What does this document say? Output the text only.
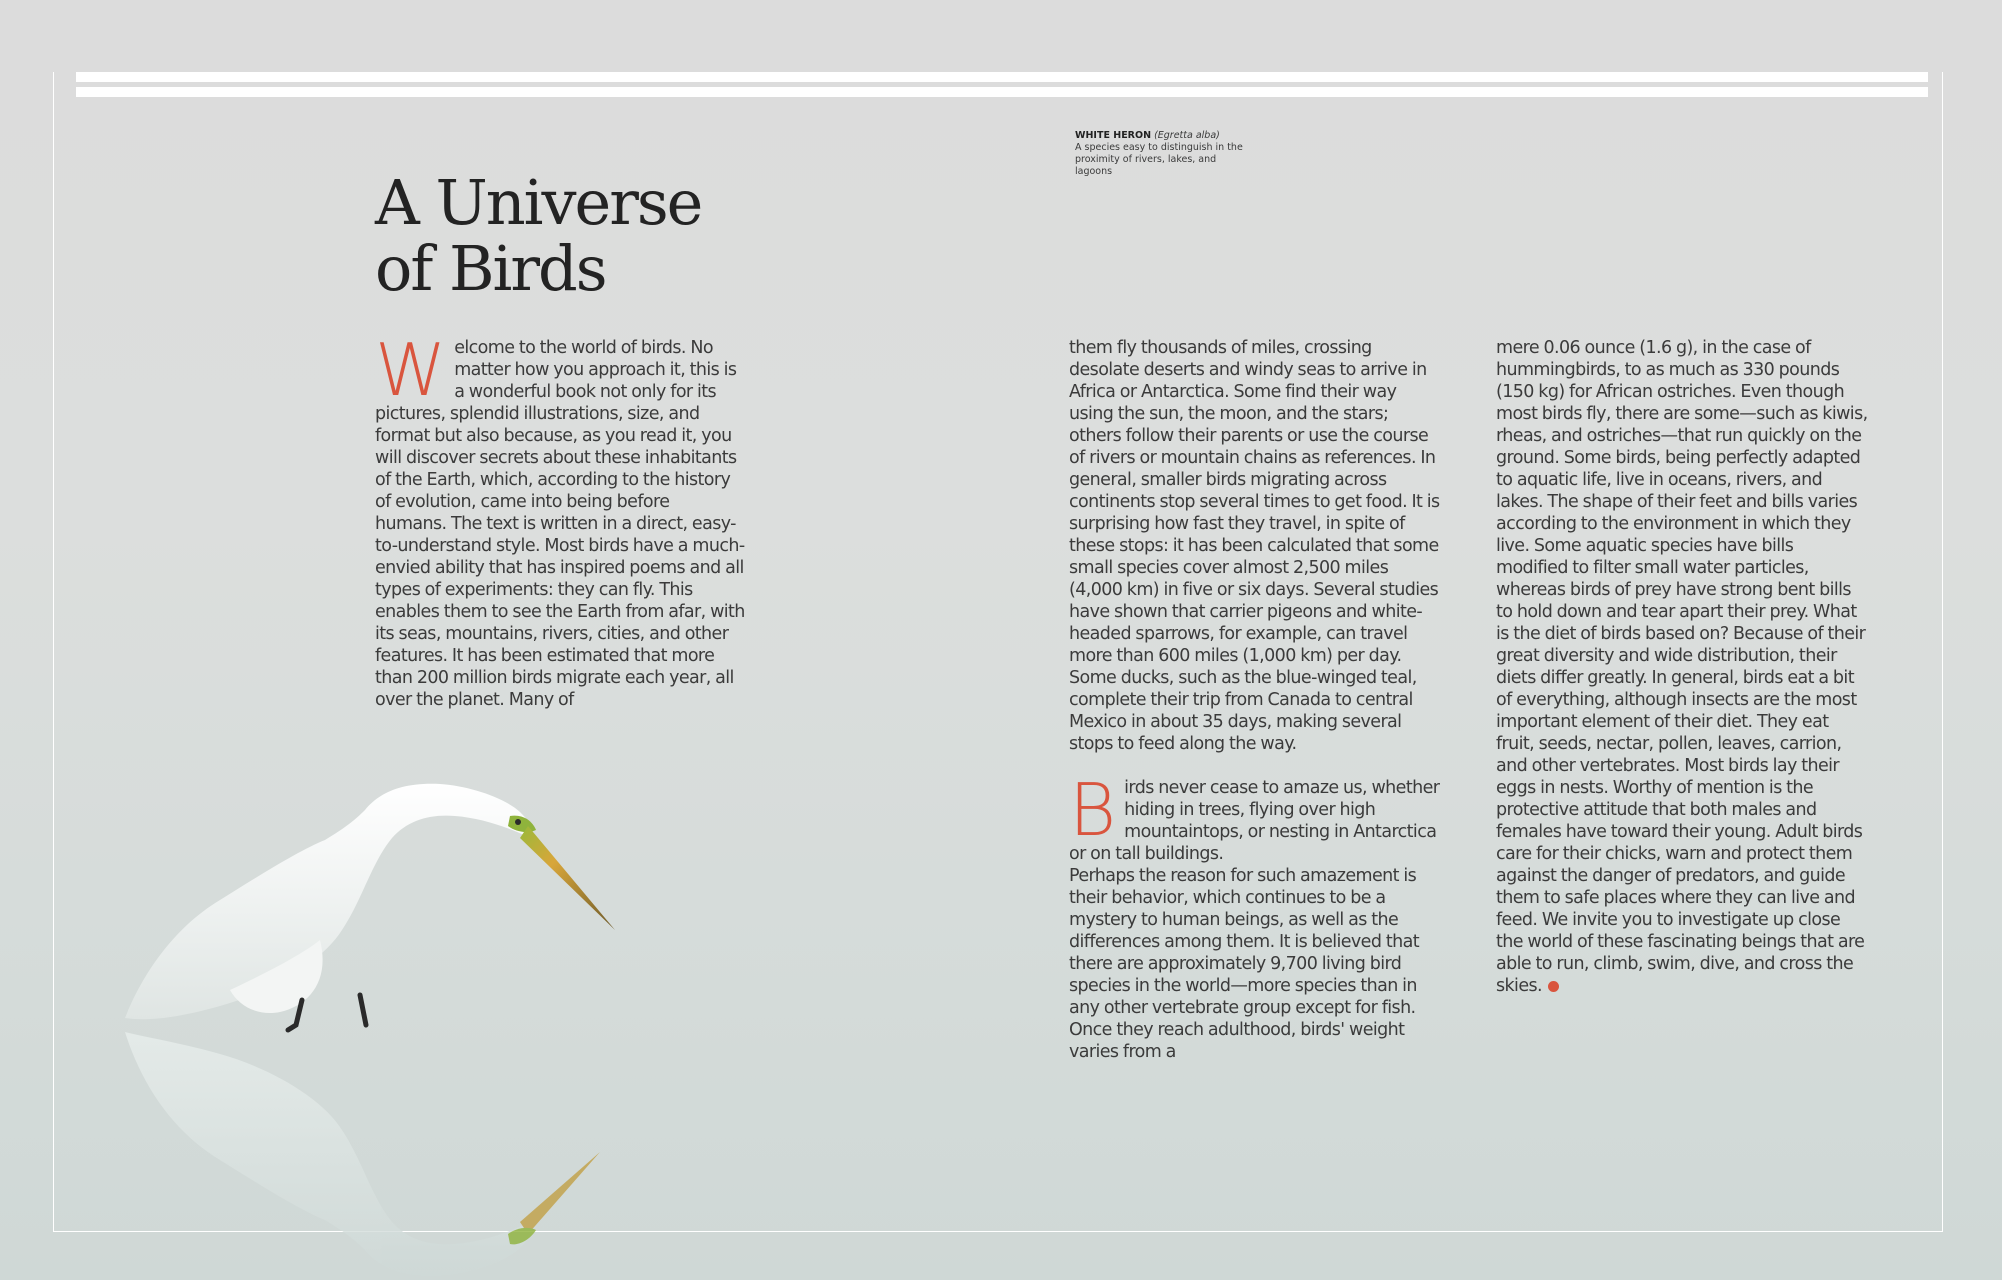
A Universe
of Birds
WHITE HERON (Egretta alba)
A species easy to distinguish in the proximity of rivers, lakes, and lagoons

Welcome to the world of birds. No matter how you approach it, this is a wonderful book not only for its pictures, splendid illustrations, size, and format but also because, as you read it, you will discover secrets about these inhabitants of the Earth, which, according to the history of evolution, came into being before humans. The text is written in a direct, easy-to-understand style. Most birds have a much-envied ability that has inspired poems and all types of experiments: they can fly. This enables them to see the Earth from afar, with its seas, mountains, rivers, cities, and other features. It has been estimated that more than 200 million birds migrate each year, all over the planet. Many of

them fly thousands of miles, crossing desolate deserts and windy seas to arrive in Africa or Antarctica. Some find their way using the sun, the moon, and the stars; others follow their parents or use the course of rivers or mountain chains as references. In general, smaller birds migrating across continents stop several times to get food. It is surprising how fast they travel, in spite of these stops: it has been calculated that some small species cover almost 2,500 miles (4,000 km) in five or six days. Several studies have shown that carrier pigeons and white-headed sparrows, for example, can travel more than 600 miles (1,000 km) per day. Some ducks, such as the blue-winged teal, complete their trip from Canada to central Mexico in about 35 days, making several stops to feed along the way.

Birds never cease to amaze us, whether hiding in trees, flying over high mountaintops, or nesting in Antarctica or on tall buildings.

Perhaps the reason for such amazement is their behavior, which continues to be a mystery to human beings, as well as the differences among them. It is believed that there are approximately 9,700 living bird species in the world—more species than in any other vertebrate group except for fish. Once they reach adulthood, birds' weight varies from a

mere 0.06 ounce (1.6 g), in the case of hummingbirds, to as much as 330 pounds (150 kg) for African ostriches. Even though most birds fly, there are some—such as kiwis, rheas, and ostriches—that run quickly on the ground. Some birds, being perfectly adapted to aquatic life, live in oceans, rivers, and lakes. The shape of their feet and bills varies according to the environment in which they live. Some aquatic species have bills modified to filter small water particles, whereas birds of prey have strong bent bills to hold down and tear apart their prey. What is the diet of birds based on? Because of their great diversity and wide distribution, their diets differ greatly. In general, birds eat a bit of everything, although insects are the most important element of their diet. They eat fruit, seeds, nectar, pollen, leaves, carrion, and other vertebrates. Most birds lay their eggs in nests. Worthy of mention is the protective attitude that both males and females have toward their young. Adult birds care for their chicks, warn and protect them against the danger of predators, and guide them to safe places where they can live and feed. We invite you to investigate up close the world of these fascinating beings that are able to run, climb, swim, dive, and cross the skies.
